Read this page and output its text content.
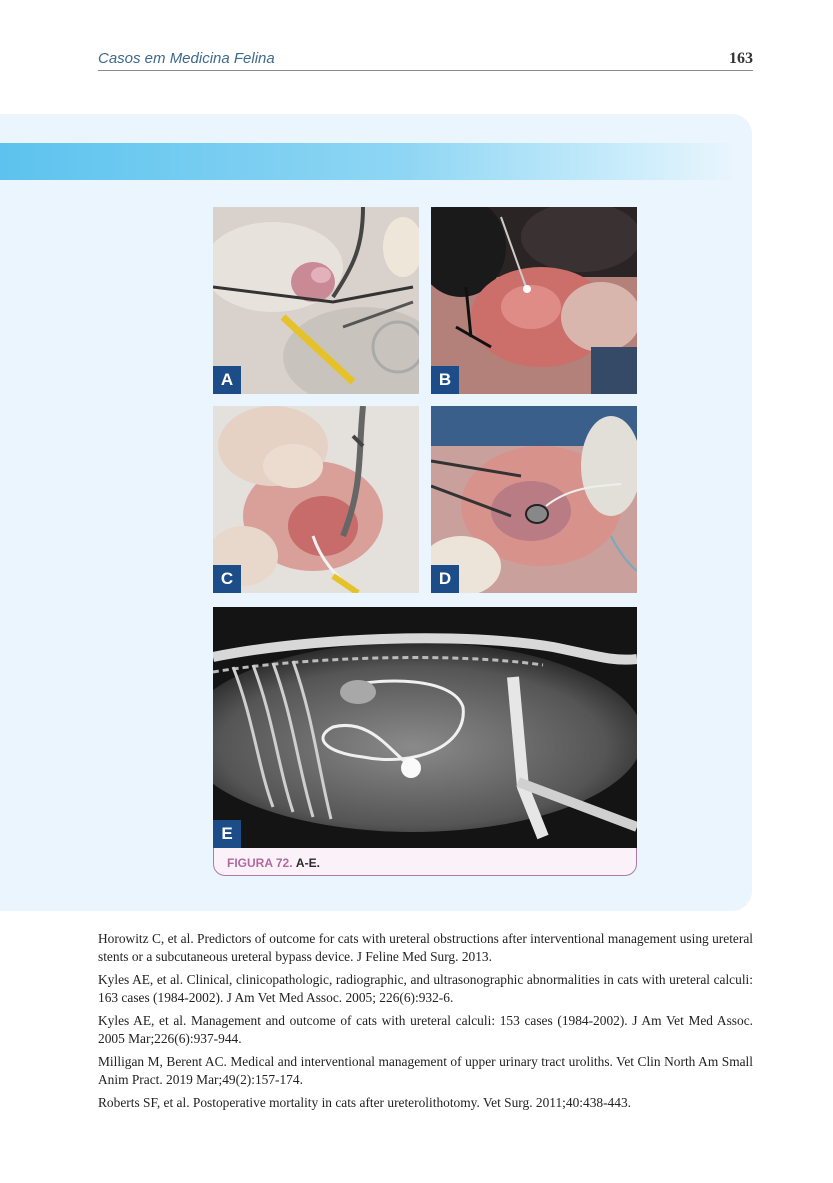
Casos em Medicina Felina	163
A	B
C	D
E
FIGURA 72. A-E.

Horowitz C, et al. Predictors of outcome for cats with ureteral obstructions after interventional management using ureteral stents or a subcutaneous ureteral bypass device. J Feline Med Surg. 2013.

Kyles AE, et al. Clinical, clinicopathologic, radiographic, and ultrasonographic abnormalities in cats with ureteral calculi: 163 cases (1984-2002). J Am Vet Med Assoc. 2005; 226(6):932-6.

Kyles AE, et al. Management and outcome of cats with ureteral calculi: 153 cases (1984-2002). J Am Vet Med Assoc. 2005 Mar;226(6):937-944.

Milligan M, Berent AC. Medical and interventional management of upper urinary tract uroliths. Vet Clin North Am Small Anim Pract. 2019 Mar;49(2):157-174.

Roberts SF, et al. Postoperative mortality in cats after ureterolithotomy. Vet Surg. 2011;40:438-443.
